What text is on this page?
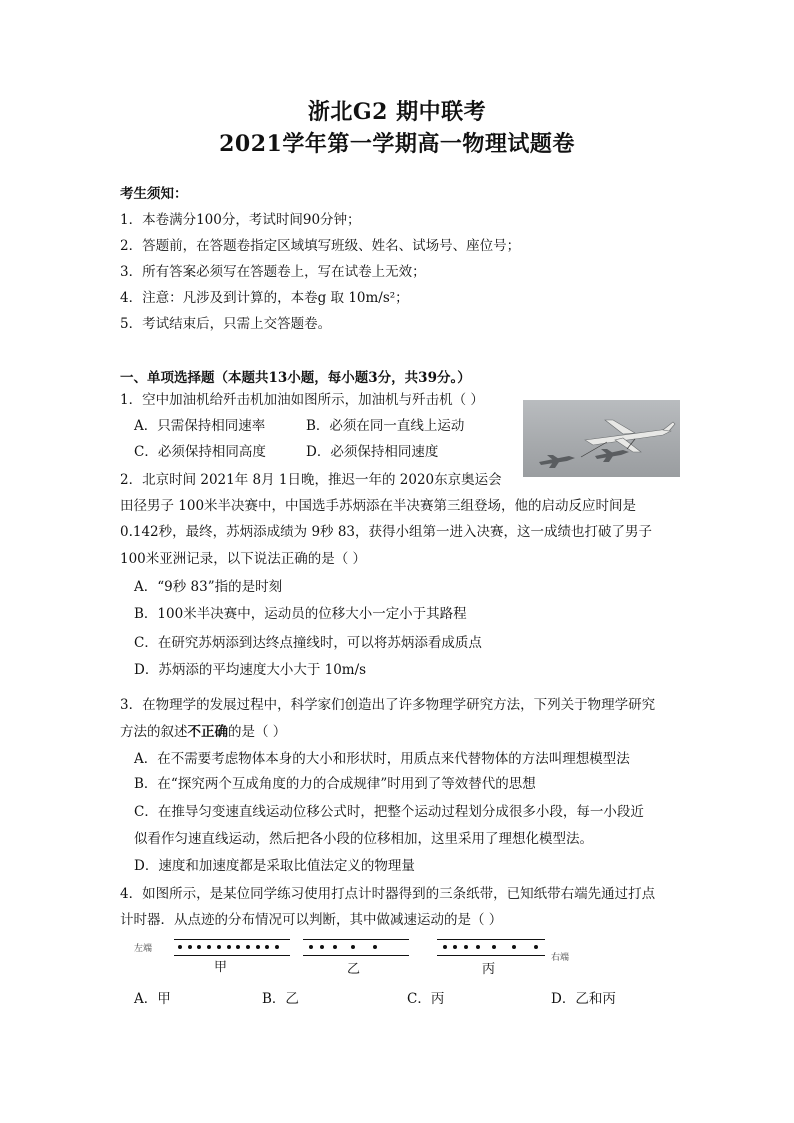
浙北G2 期中联考
2021学年第一学期高一物理试题卷
考生须知：
1．本卷满分100分，考试时间90分钟；
2．答题前，在答题卷指定区域填写班级、姓名、试场号、座位号；
3．所有答案必须写在答题卷上，写在试卷上无效；
4．注意：凡涉及到计算的，本卷g 取 10m/s²；
5．考试结束后，只需上交答题卷。
一、单项选择题（本题共13小题，每小题3分，共39分。）
1．空中加油机给歼击机加油如图所示，加油机与歼击机（ ）
A．只需保持相同速率	B．必须在同一直线上运动
C．必须保持相同高度	D．必须保持相同速度
2．北京时间 2021年 8月 1日晚，推迟一年的 2020东京奥运会
田径男子 100米半决赛中，中国选手苏炳添在半决赛第三组登场，他的启动反应时间是
0.142秒，最终，苏炳添成绩为 9秒 83，获得小组第一进入决赛，这一成绩也打破了男子
100米亚洲记录，以下说法正确的是（ ）
A．“9秒 83”指的是时刻
B．100米半决赛中，运动员的位移大小一定小于其路程
C．在研究苏炳添到达终点撞线时，可以将苏炳添看成质点
D．苏炳添的平均速度大小大于 10m/s
3．在物理学的发展过程中，科学家们创造出了许多物理学研究方法，下列关于物理学研究
方法的叙述不正确的是（ ）
A．在不需要考虑物体本身的大小和形状时，用质点来代替物体的方法叫理想模型法
B．在“探究两个互成角度的力的合成规律”时用到了等效替代的思想
C．在推导匀变速直线运动位移公式时，把整个运动过程划分成很多小段，每一小段近
似看作匀速直线运动，然后把各小段的位移相加，这里采用了理想化模型法。
D．速度和加速度都是采取比值法定义的物理量
4．如图所示，是某位同学练习使用打点计时器得到的三条纸带，已知纸带右端先通过打点
计时器．从点迹的分布情况可以判断，其中做减速运动的是（ ）
左端
右端
甲	乙	丙
A．甲	B．乙	C．丙	D．乙和丙
